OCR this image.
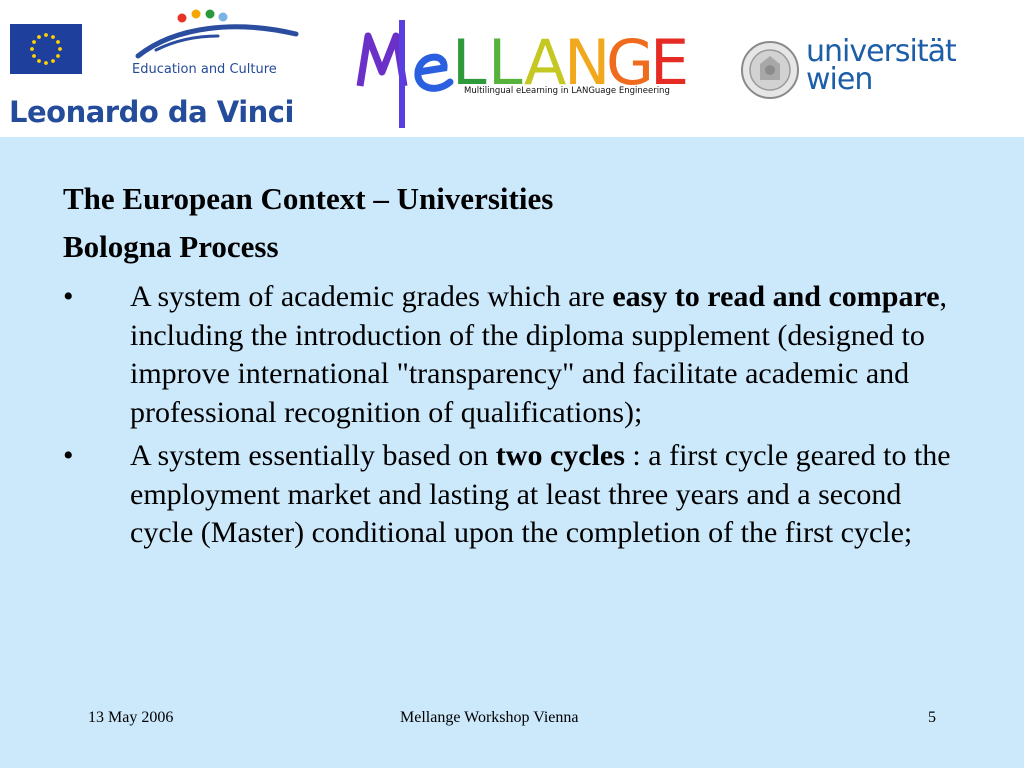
Education and Culture
Leonardo da Vinci
L L A
N
G
E
Multilingual eLearning in LANGuage Engineering
universität
wien
The European Context – Universities
Bologna Process
• A system of academic grades which are easy to read and compare, including the introduction of the diploma supplement (designed to improve international "transparency" and facilitate academic and professional recognition of qualifications);
• A system essentially based on two cycles : a first cycle geared to the employment market and lasting at least three years and a second cycle (Master) conditional upon the completion of the first cycle;
13 May 2006	Mellange Workshop Vienna	5
